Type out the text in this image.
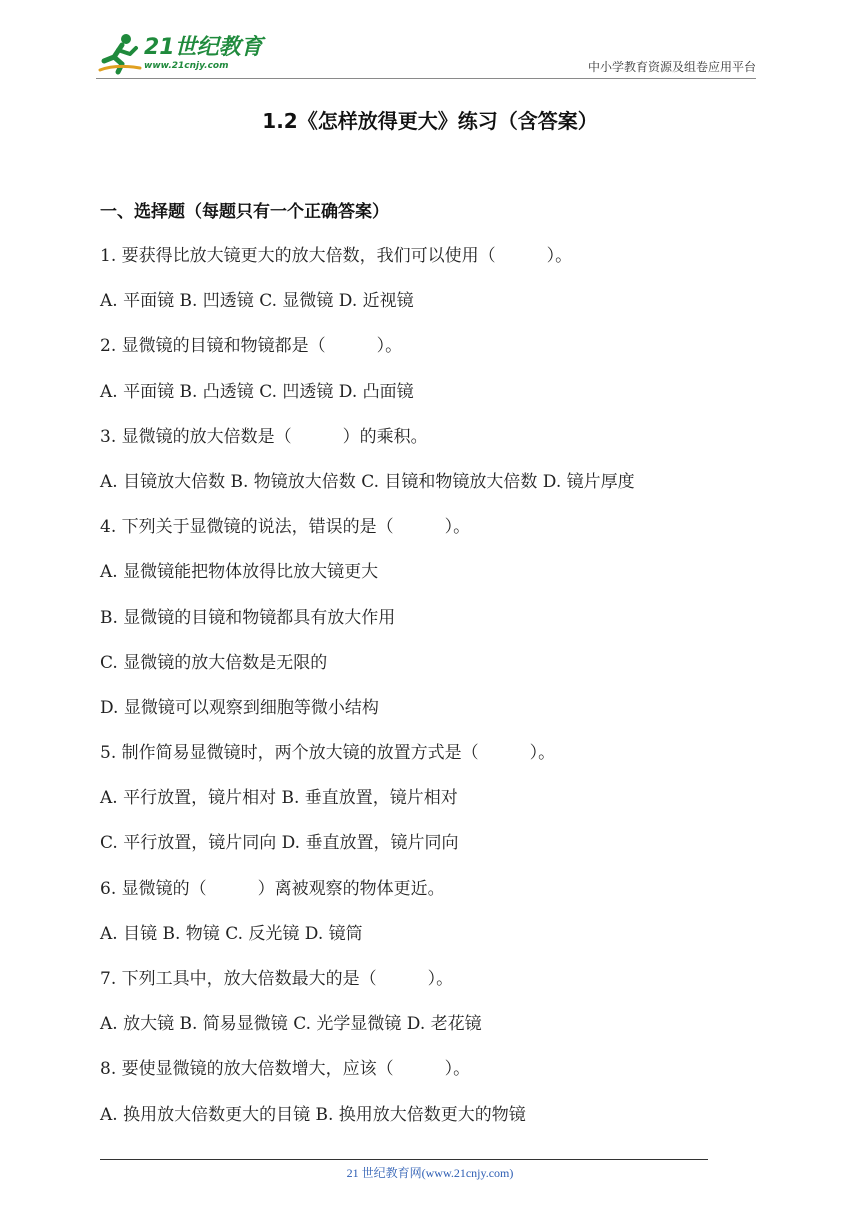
21世纪教育
www.21cnjy.com	中小学教育资源及组卷应用平台
1.2《怎样放得更大》练习（含答案）
一、选择题（每题只有一个正确答案）
1. 要获得比放大镜更大的放大倍数，我们可以使用（　　　）。
A. 平面镜 B. 凹透镜 C. 显微镜 D. 近视镜
2. 显微镜的目镜和物镜都是（　　　）。
A. 平面镜 B. 凸透镜 C. 凹透镜 D. 凸面镜
3. 显微镜的放大倍数是（　　　）的乘积。
A. 目镜放大倍数 B. 物镜放大倍数 C. 目镜和物镜放大倍数 D. 镜片厚度
4. 下列关于显微镜的说法，错误的是（　　　）。
A. 显微镜能把物体放得比放大镜更大
B. 显微镜的目镜和物镜都具有放大作用
C. 显微镜的放大倍数是无限的
D. 显微镜可以观察到细胞等微小结构
5. 制作简易显微镜时，两个放大镜的放置方式是（　　　）。
A. 平行放置，镜片相对 B. 垂直放置，镜片相对
C. 平行放置，镜片同向 D. 垂直放置，镜片同向
6. 显微镜的（　　　）离被观察的物体更近。
A. 目镜 B. 物镜 C. 反光镜 D. 镜筒
7. 下列工具中，放大倍数最大的是（　　　）。
A. 放大镜 B. 简易显微镜 C. 光学显微镜 D. 老花镜
8. 要使显微镜的放大倍数增大，应该（　　　）。
A. 换用放大倍数更大的目镜 B. 换用放大倍数更大的物镜
21 世纪教育网(www.21cnjy.com)
